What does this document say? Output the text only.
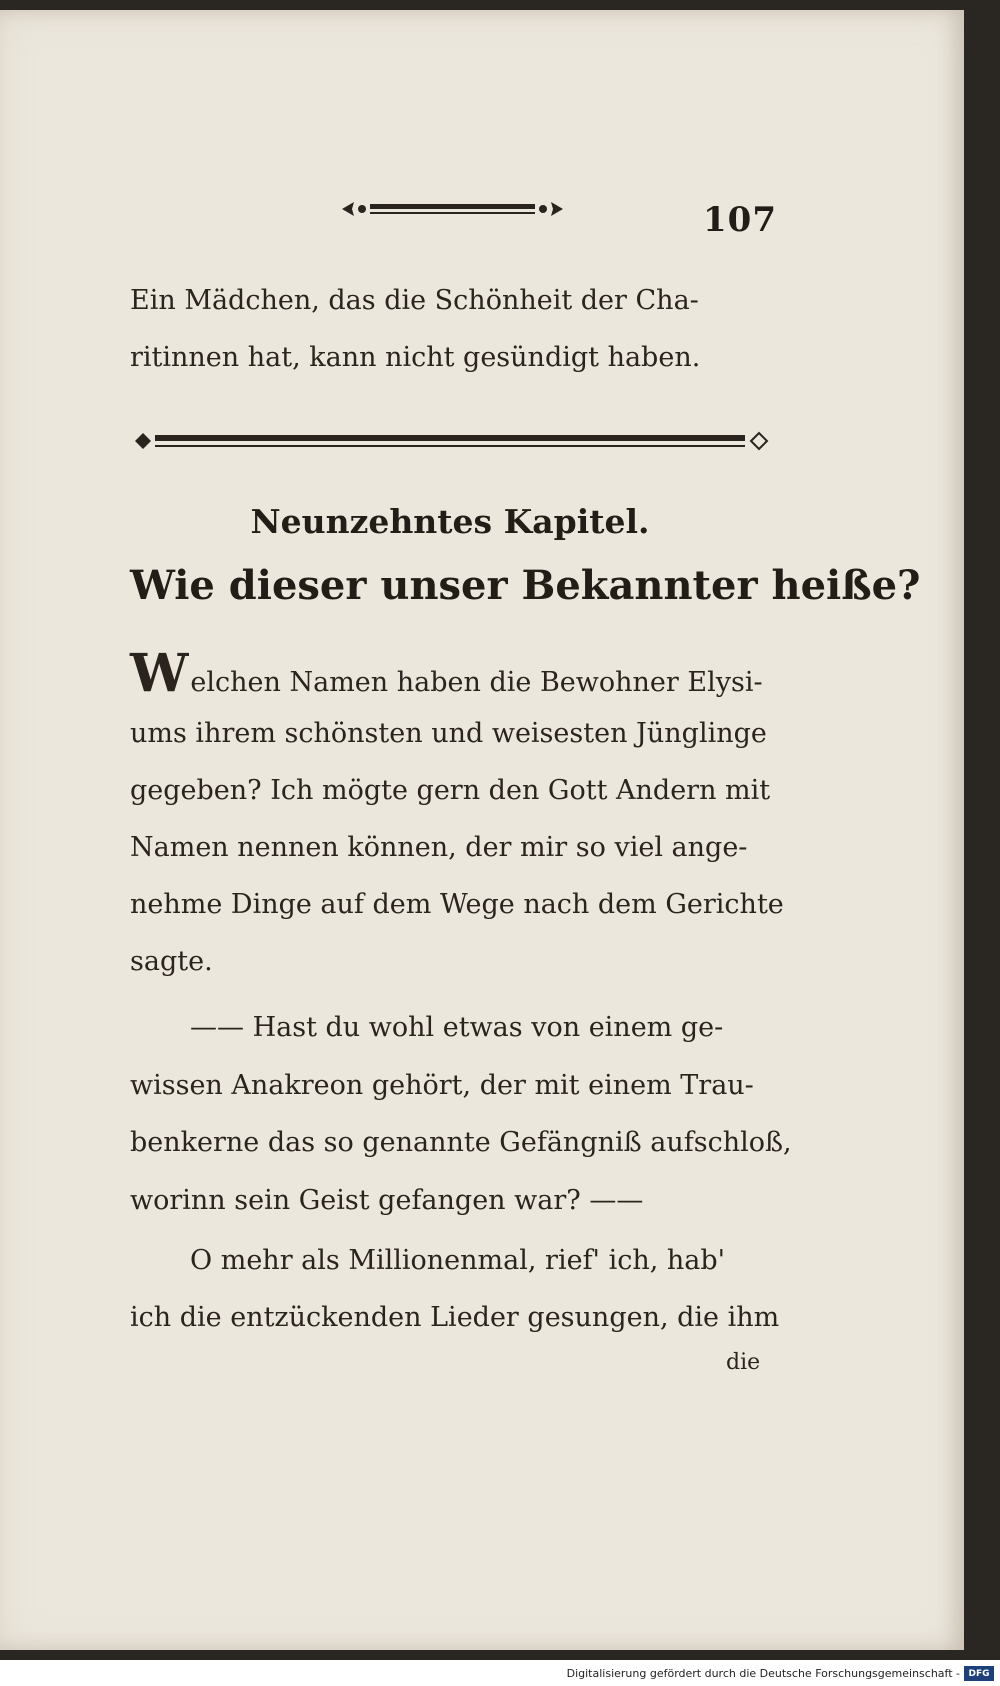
107
Ein Mädchen, das die Schönheit der Cha-
ritinnen hat, kann nicht gesündigt haben.
Neunzehntes Kapitel.
Wie dieser unser Bekannter heiße?
Welchen Namen haben die Bewohner Elysi-
ums ihrem schönsten und weisesten Jünglinge
gegeben? Ich mögte gern den Gott Andern mit
Namen nennen können, der mir so viel ange-
nehme Dinge auf dem Wege nach dem Gerichte
sagte.
—— Hast du wohl etwas von einem ge-
wissen Anakreon gehört, der mit einem Trau-
benkerne das so genannte Gefängniß aufschloß,
worinn sein Geist gefangen war? ——
O mehr als Millionenmal, rief' ich, hab'
ich die entzückenden Lieder gesungen, die ihm
die
Digitalisierung gefördert durch die Deutsche Forschungsgemeinschaft - DFG
